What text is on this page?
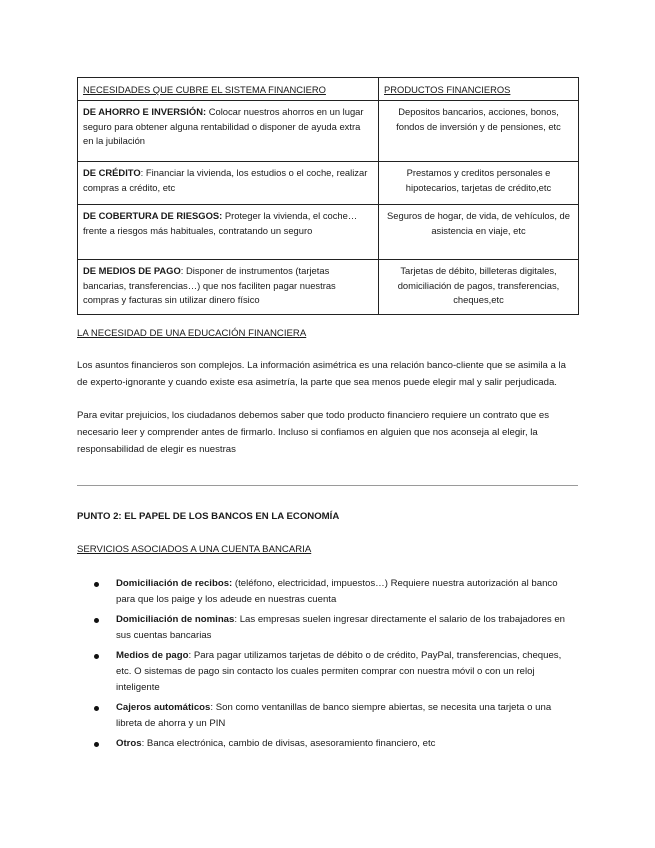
NECESIDADES QUE CUBRE EL SISTEMA FINANCIERO	PRODUCTOS FINANCIEROS
DE AHORRO E INVERSIÓN: Colocar nuestros ahorros en un lugar seguro para obtener alguna rentabilidad o disponer de ayuda extra en la jubilación	Depositos bancarios, acciones, bonos, fondos de inversión y de pensiones, etc
DE CRÉDITO: Financiar la vivienda, los estudios o el coche, realizar compras a crédito, etc	Prestamos y creditos personales e hipotecarios, tarjetas de crédito,etc
DE COBERTURA DE RIESGOS: Proteger la vivienda, el coche… frente a riesgos más habituales, contratando un seguro	Seguros de hogar, de vida, de vehículos, de asistencia en viaje, etc
DE MEDIOS DE PAGO: Disponer de instrumentos (tarjetas bancarias, transferencias…) que nos faciliten pagar nuestras compras y facturas sin utilizar dinero físico	Tarjetas de débito, billeteras digitales, domiciliación de pagos, transferencias, cheques,etc
LA NECESIDAD DE UNA EDUCACIÓN FINANCIERA
Los asuntos financieros son complejos. La información asimétrica es una relación banco-cliente que se asimila a la de experto-ignorante y cuando existe esa asimetría, la parte que sea menos puede elegir mal y salir perjudicada.
Para evitar prejuicios, los ciudadanos debemos saber que todo producto financiero requiere un contrato que es necesario leer y comprender antes de firmarlo. Incluso si confiamos en alguien que nos aconseja al elegir, la responsabilidad de elegir es nuestras
PUNTO 2: EL PAPEL DE LOS BANCOS EN LA ECONOMÍA
SERVICIOS ASOCIADOS A UNA CUENTA BANCARIA
Domiciliación de recibos: (teléfono, electricidad, impuestos…) Requiere nuestra autorización al banco para que los paige y los adeude en nuestras cuenta
Domiciliación de nominas: Las empresas suelen ingresar directamente el salario de los trabajadores en sus cuentas bancarias
Medios de pago: Para pagar utilizamos tarjetas de débito o de crédito, PayPal, transferencias, cheques, etc. O sistemas de pago sin contacto los cuales permiten comprar con nuestra móvil o con un reloj inteligente
Cajeros automáticos: Son como ventanillas de banco siempre abiertas, se necesita una tarjeta o una libreta de ahorra y un PIN
Otros: Banca electrónica, cambio de divisas, asesoramiento financiero, etc
